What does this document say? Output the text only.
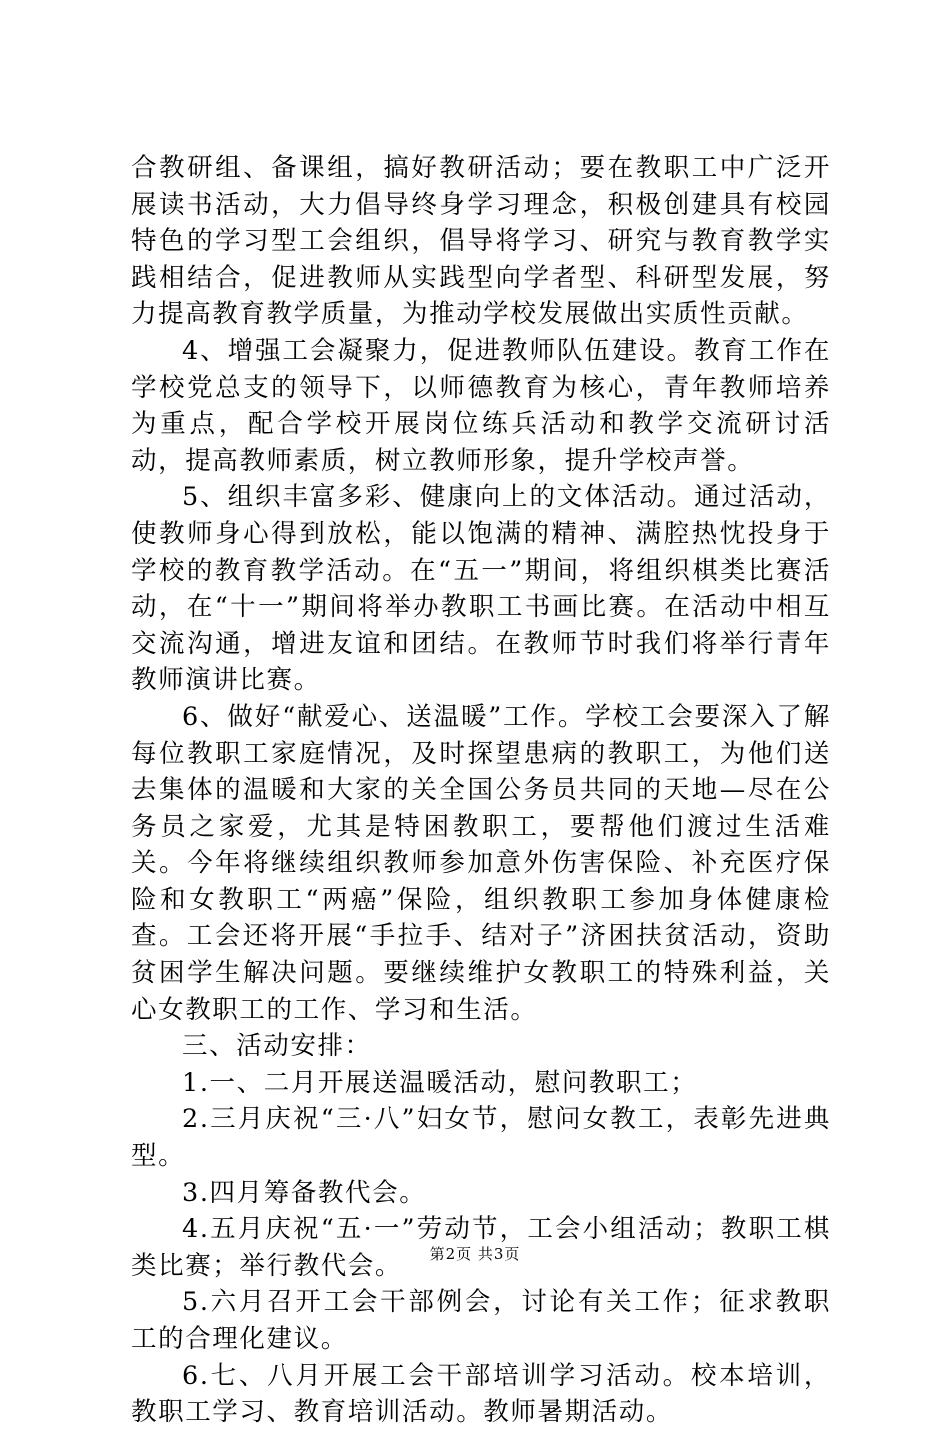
合教研组、备课组，搞好教研活动；要在教职工中广泛开展读书活动，大力倡导终身学习理念，积极创建具有校园特色的学习型工会组织，倡导将学习、研究与教育教学实践相结合，促进教师从实践型向学者型、科研型发展，努力提高教育教学质量，为推动学校发展做出实质性贡献。

4、增强工会凝聚力，促进教师队伍建设。教育工作在学校党总支的领导下，以师德教育为核心，青年教师培养为重点，配合学校开展岗位练兵活动和教学交流研讨活动，提高教师素质，树立教师形象，提升学校声誉。

5、组织丰富多彩、健康向上的文体活动。通过活动，使教师身心得到放松，能以饱满的精神、满腔热忱投身于学校的教育教学活动。在“五一”期间，将组织棋类比赛活动，在“十一”期间将举办教职工书画比赛。在活动中相互交流沟通，增进友谊和团结。在教师节时我们将举行青年教师演讲比赛。

6、做好“献爱心、送温暖”工作。学校工会要深入了解每位教职工家庭情况，及时探望患病的教职工，为他们送去集体的温暖和大家的关全国公务员共同的天地—尽在公务员之家爱，尤其是特困教职工，要帮他们渡过生活难关。今年将继续组织教师参加意外伤害保险、补充医疗保险和女教职工“两癌”保险，组织教职工参加身体健康检查。工会还将开展“手拉手、结对子”济困扶贫活动，资助贫困学生解决问题。要继续维护女教职工的特殊利益，关心女教职工的工作、学习和生活。

三、活动安排：

1.一、二月开展送温暖活动，慰问教职工；

2.三月庆祝“三·八”妇女节，慰问女教工，表彰先进典型。

3.四月筹备教代会。

4.五月庆祝“五·一”劳动节，工会小组活动；教职工棋类比赛；举行教代会。

5.六月召开工会干部例会，讨论有关工作；征求教职工的合理化建议。

6.七、八月开展工会干部培训学习活动。校本培训，教职工学习、教育培训活动。教师暑期活动。

第2页 共3页
